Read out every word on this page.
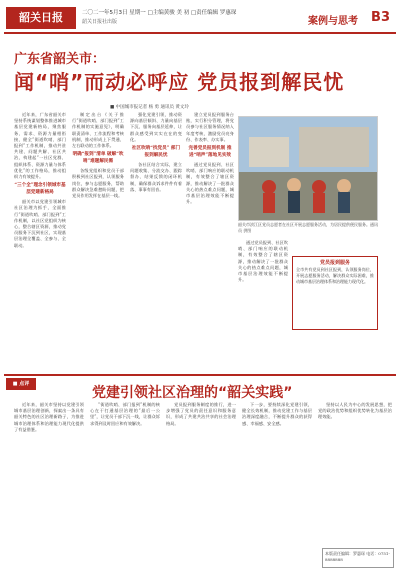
韶关日报	二〇二一年5月3日 星期一 □主编黄骏 美 初 □责任编辑 罗惠琛
韶关日报社出版	案例与思考 B3
广东省韶关市：
闻“哨”而动必呼应 党员报到解民忧
■ 中国城市报记者 杨 勇 通讯员 黄文玲

近年来，广东省韶关市坚持系统谋划整体推进城市基层党建新格局，聚焦服务、需求、资源力量相衔接，健全“街道吹哨、部门报到”工作机制，推动共驻共建、问题共解、社区共治，构建起“一社区党群、组织体系、资源力量与体系优化”的工作格局，推动组织力有效提升。

“三个全”理念引领城市基层党建新格局

韶关市以党建引领城市社区治理为抓手，全面推行“街道吹哨、部门报到”工作机制，以社区党组织为核心，整合辖区资源，推动党员服务下沉到社区，实现基层治理全覆盖、全参与、全联动。

制定出台《关于推行“街道吹哨、部门报到”工作机制的实施意见》，明确职责清单、工作流程和考核机制，推动形成上下贯通、左右联动的工作体系。

明确“报到”清单 破解“吹哨”难题解民需

各级党组织和党员干部积极到社区报到，认领服务岗位，参与志愿服务，帮助群众解决急难愁盼问题，把党员作用发挥在基层一线。

强化党建引领，推动资源向基层倾斜、力量向基层下沉、服务向基层延伸，让群众感受到实实在在的变化。

社区吹哨“找党员” 部门报到解民忧

各社区结合实际，建立问题收集、分流交办、跟踪督办、结果反馈的闭环机制，确保群众诉求件件有着落、事事有回音。

建立党员报到服务台账，实行积分管理，将党员参与社区服务情况纳入年度考核，激励党员亮身份、作表率、办实事。

完善党员报到机制 推进“哨声”落地见实效

通过党员报到、社区吹哨、部门响应的联动机制，有效整合了辖区资源，推动解决了一批群众关心的热点难点问题，城市基层治理效能不断提升。

韶关市浈江区党员志愿者在社区开展志愿服务活动，为居民提供便民服务。通讯员 供图

通过党员报到、社区吹哨、部门响应的联动机制，有效整合了辖区资源，推动解决了一批群众关心的热点难点问题，城市基层治理效能不断提升。

党员报到服务
全市共有党员到社区报到，认领服务岗位，开展志愿服务活动，解决群众实际困难，推动城市基层治理体系和治理能力现代化。
■ 点评
党建引领社区治理的“韶关实践”

近年来，韶关市坚持以党建引领城市基层治理创新，探索出一条具有韶关特色的社区治理新路子，为推进城市治理体系和治理能力现代化提供了有益借鉴。

“街道吹哨、部门报到”机制的核心在于打通基层治理的“最后一公里”，让党员干部下沉一线，让群众诉求得到及时回应和有效解决。

党员报到服务制度的推行，进一步增强了党员的责任意识和服务意识，形成了共建共治共享的社会治理格局。

下一步，要持续深化党建引领，健全长效机制，推动党建工作与基层治理深度融合，不断提升群众的获得感、幸福感、安全感。

坚持以人民为中心的发展思想，把党的政治优势和组织优势转化为基层治理效能。

本版责任编辑：罗惠琛 电话：0751-8888888
